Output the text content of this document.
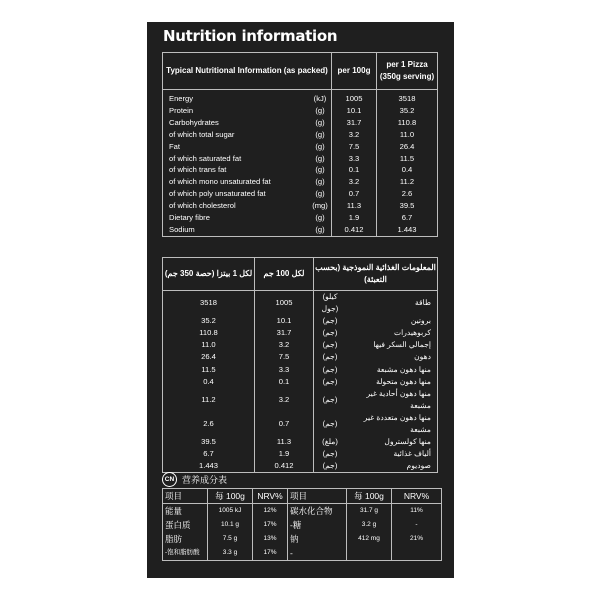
Nutrition information
Typical Nutritional Information (as packed)		per 100g	per 1 Pizza (350g serving)
Energy	(kJ)	1005	3518
Protein	(g)	10.1	35.2
Carbohydrates	(g)	31.7	110.8
of which total sugar	(g)	3.2	11.0
Fat	(g)	7.5	26.4
of which saturated fat	(g)	3.3	11.5
of which trans fat	(g)	0.1	0.4
of which mono unsaturated fat	(g)	3.2	11.2
of which poly unsaturated fat	(g)	0.7	2.6
of which cholesterol	(mg)	11.3	39.5
Dietary fibre	(g)	1.9	6.7
Sodium	(g)	0.412	1.443
لكل 1 بيتزا (حصة 350 جم)	لكل 100 جم	المعلومات الغذائية النموذجية (بحسب التعبئة)	
3518	1005	(كيلو جول)	طاقة
35.2	10.1	(جم)	بروتين
110.8	31.7	(جم)	كربوهيدرات
11.0	3.2	(جم)	إجمالي السكر فيها
26.4	7.5	(جم)	دهون
11.5	3.3	(جم)	منها دهون مشبعة
0.4	0.1	(جم)	منها دهون متحولة
11.2	3.2	(جم)	منها دهون أحادية غير مشبعة
2.6	0.7	(جم)	منها دهون متعددة غير مشبعة
39.5	11.3	(ملغ)	منها كولسترول
6.7	1.9	(جم)	ألياف غذائية
1.443	0.412	(جم)	صوديوم
CN 营养成分表
项目	每 100g	NRV%	项目	每 100g	NRV%
能量	1005 kJ	12%	碳水化合物	31.7 g	11%
蛋白质	10.1 g	17%	-糖	3.2 g	-
脂肪	7.5 g	13%	钠	412 mg	21%
-饱和脂肪酸	3.3 g	17%	-		
